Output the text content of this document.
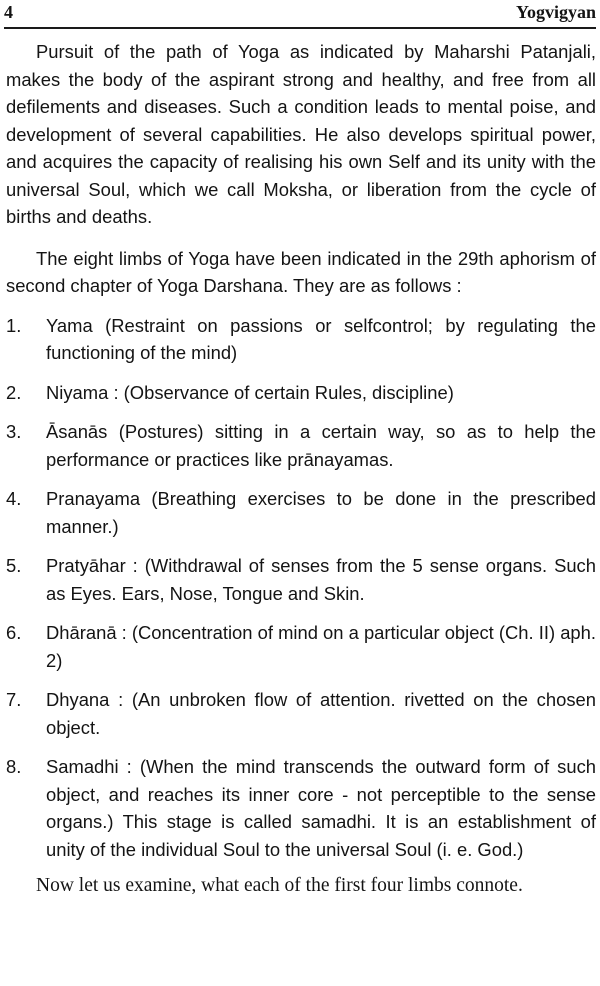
4	Yogvigyan

Pursuit of the path of Yoga as indicated by Maharshi Patanjali, makes the body of the aspirant strong and healthy, and free from all defilements and diseases. Such a condition leads to mental poise, and development of several capabilities. He also develops spiritual power, and acquires the capacity of realising his own Self and its unity with the universal Soul, which we call Moksha, or liberation from the cycle of births and deaths.

The eight limbs of Yoga have been indicated in the 29th aphorism of second chapter of Yoga Darshana. They are as follows :

1.	Yama (Restraint on passions or selfcontrol; by regulating the functioning of the mind)
2.	Niyama : (Observance of certain Rules, discipline)
3.	Āsanās (Postures) sitting in a certain way, so as to help the performance or practices like prānayamas.
4.	Pranayama (Breathing exercises to be done in the prescribed manner.)
5.	Pratyāhar : (Withdrawal of senses from the 5 sense organs. Such as Eyes. Ears, Nose, Tongue and Skin.
6.	Dhāranā : (Concentration of mind on a particular object (Ch. II) aph. 2)
7.	Dhyana : (An unbroken flow of attention. rivetted on the chosen object.
8.	Samadhi : (When the mind transcends the outward form of such object, and reaches its inner core - not perceptible to the sense organs.) This stage is called samadhi. It is an establishment of unity of the individual Soul to the universal Soul (i. e. God.)

Now let us examine, what each of the first four limbs connote.
